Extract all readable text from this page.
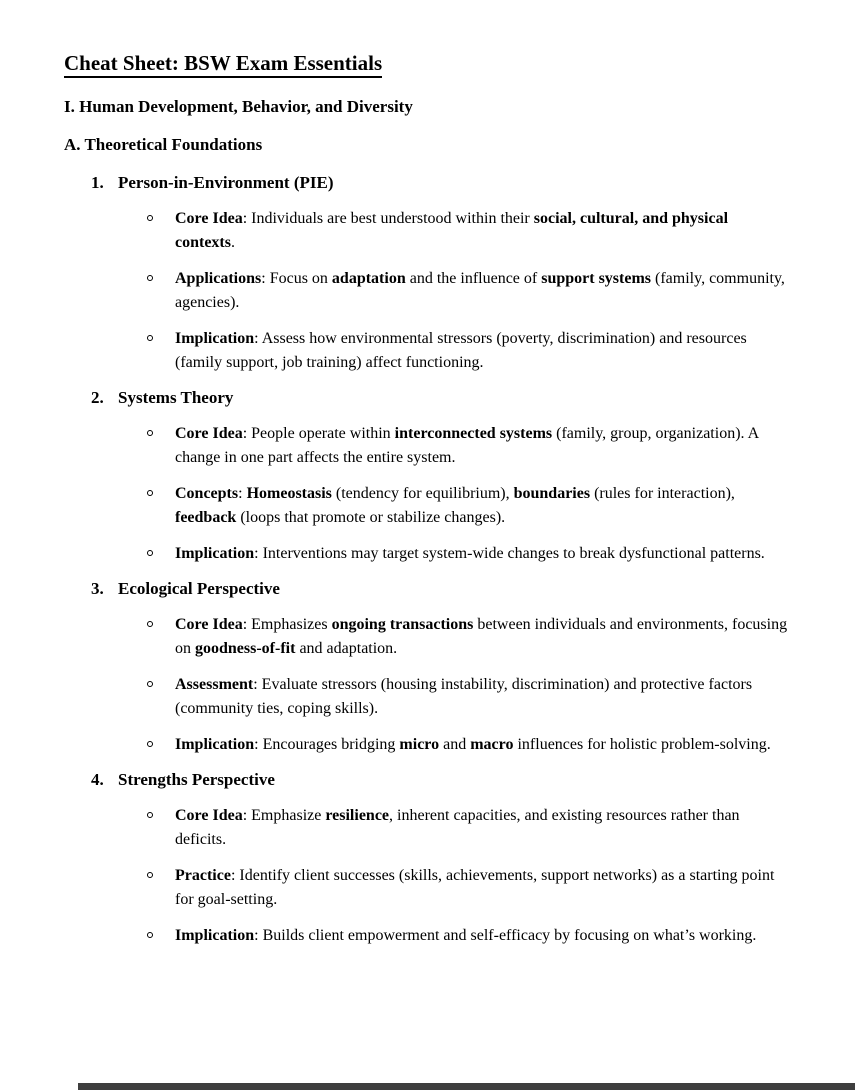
Cheat Sheet: BSW Exam Essentials

I. Human Development, Behavior, and Diversity

A. Theoretical Foundations

1. Person-in-Environment (PIE)
Core Idea: Individuals are best understood within their social, cultural, and physical contexts.
Applications: Focus on adaptation and the influence of support systems (family, community, agencies).
Implication: Assess how environmental stressors (poverty, discrimination) and resources (family support, job training) affect functioning.
2. Systems Theory
Core Idea: People operate within interconnected systems (family, group, organization). A change in one part affects the entire system.
Concepts: Homeostasis (tendency for equilibrium), boundaries (rules for interaction), feedback (loops that promote or stabilize changes).
Implication: Interventions may target system-wide changes to break dysfunctional patterns.
3. Ecological Perspective
Core Idea: Emphasizes ongoing transactions between individuals and environments, focusing on goodness-of-fit and adaptation.
Assessment: Evaluate stressors (housing instability, discrimination) and protective factors (community ties, coping skills).
Implication: Encourages bridging micro and macro influences for holistic problem-solving.
4. Strengths Perspective
Core Idea: Emphasize resilience, inherent capacities, and existing resources rather than deficits.
Practice: Identify client successes (skills, achievements, support networks) as a starting point for goal-setting.
Implication: Builds client empowerment and self-efficacy by focusing on what’s working.
